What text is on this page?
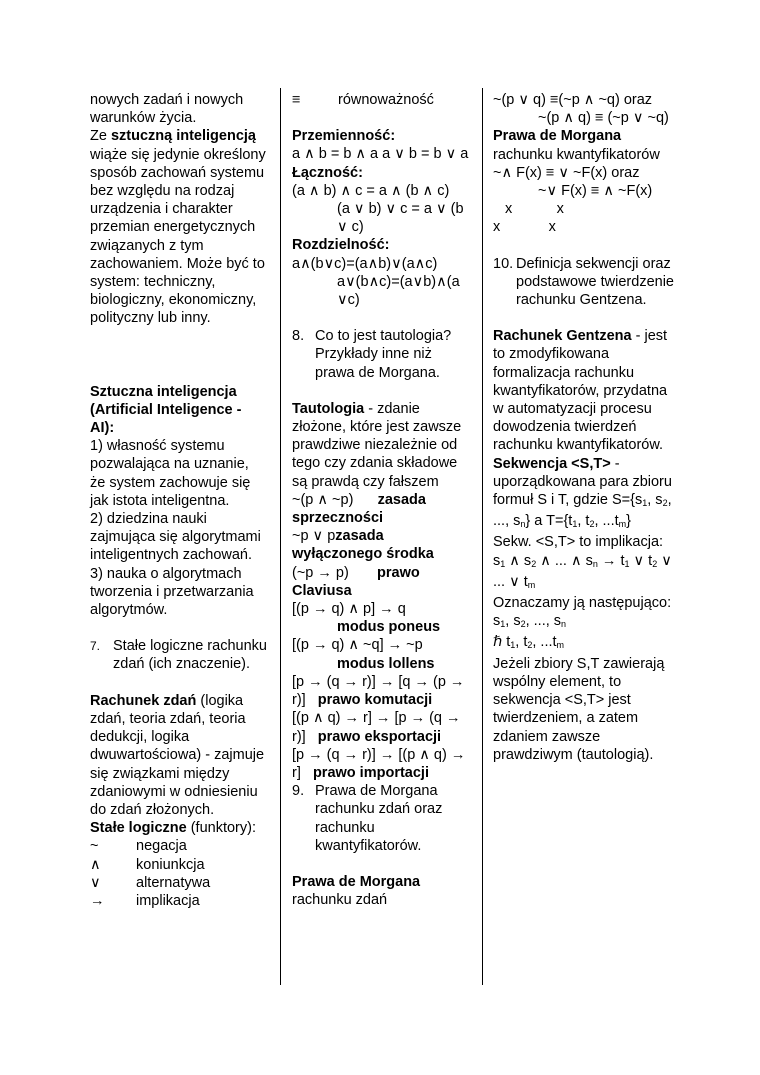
nowych zadań i nowych warunków życia.

Ze sztuczną inteligencją wiąże się jedynie określony sposób zachowań systemu bez względu na rodzaj urządzenia i charakter przemian energetycznych związanych z tym zachowaniem. Może być to system: techniczny, biologiczny, ekonomiczny, polityczny lub inny.

Sztuczna inteligencja (Artificial Inteligence - AI):

1) własność systemu pozwalająca na uznanie, że system zachowuje się jak istota inteligentna.

2) dziedzina nauki zajmująca się algorytmami inteligentnych zachowań.

3) nauka o algorytmach tworzenia i przetwarzania algorytmów.

7. Stałe logiczne rachunku zdań (ich znaczenie).

Rachunek zdań (logika zdań, teoria zdań, teoria dedukcji, logika dwuwartościowa) - zajmuje się związkami między zdaniowymi w odniesieniu do zdań złożonych.

Stałe logiczne (funktory):

~	negacja
∧	koniunkcja
∨	alternatywa
→	implikacja
≡	równoważność

Przemienność:

a ∧ b = b ∧ a a ∨ b = b ∨ a

Łączność:

(a ∧ b) ∧ c = a ∧ (b ∧ c)

(a ∨ b) ∨ c = a ∨ (b ∨ c)

Rozdzielność:

a∧(b∨c)=(a∧b)∨(a∧c)

a∨(b∧c)=(a∨b)∧(a ∨c)

8. Co to jest tautologia? Przykłady inne niż prawa de Morgana.

Tautologia - zdanie złożone, które jest zawsze prawdziwe niezależnie od tego czy zdania składowe są prawdą czy fałszem

~(p ∧ ~p) zasada sprzeczności

~p ∨ pzasada wyłączonego środka

(~p → p) prawo Claviusa

[(p → q) ∧ p] → q

modus poneus

[(p → q) ∧ ~q] → ~p

modus lollens

[p → (q → r)] → [q → (p → r)] prawo komutacji

[(p ∧ q) → r] → [p → (q → r)] prawo eksportacji

[p → (q → r)] → [(p ∧ q) → r] prawo importacji

9. Prawa de Morgana rachunku zdań oraz rachunku kwantyfikatorów.

Prawa de Morgana

rachunku zdań

~(p ∨ q) ≡(~p ∧ ~q) oraz

~(p ∧ q) ≡ (~p ∨ ~q)

Prawa de Morgana

rachunku kwantyfikatorów

~∧ F(x) ≡ ∨ ~F(x) oraz

~∨ F(x) ≡ ∧ ~F(x)

x           x

x            x

10. Definicja sekwencji oraz podstawowe twierdzenie rachunku Gentzena.

Rachunek Gentzena - jest to zmodyfikowana formalizacja rachunku kwantyfikatorów, przydatna w automatyzacji procesu dowodzenia twierdzeń rachunku kwantyfikatorów.

Sekwencja <S,T> - uporządkowana para zbioru formuł S i T, gdzie $S=\{s_1$, $s_2$, ..., $s_n$} a $T=\{t_1$, $t_2$, $...t_m$}

Sekw. <S,T> to implikacja: $s_1$ ∧ $s_2$ ∧ ... ∧ $s_n \to t_1$ ∨ $t_2$ ∨ ... ∨ $t_m$

Oznaczamy ją następująco: $s_1$, $s_2$, ..., $s_n$
ℏ $t_1$, $t_2$, $...t_m$

Jeżeli zbiory S,T zawierają wspólny element, to sekwencja <S,T> jest twierdzeniem, a zatem zdaniem zawsze prawdziwym (tautologią).
